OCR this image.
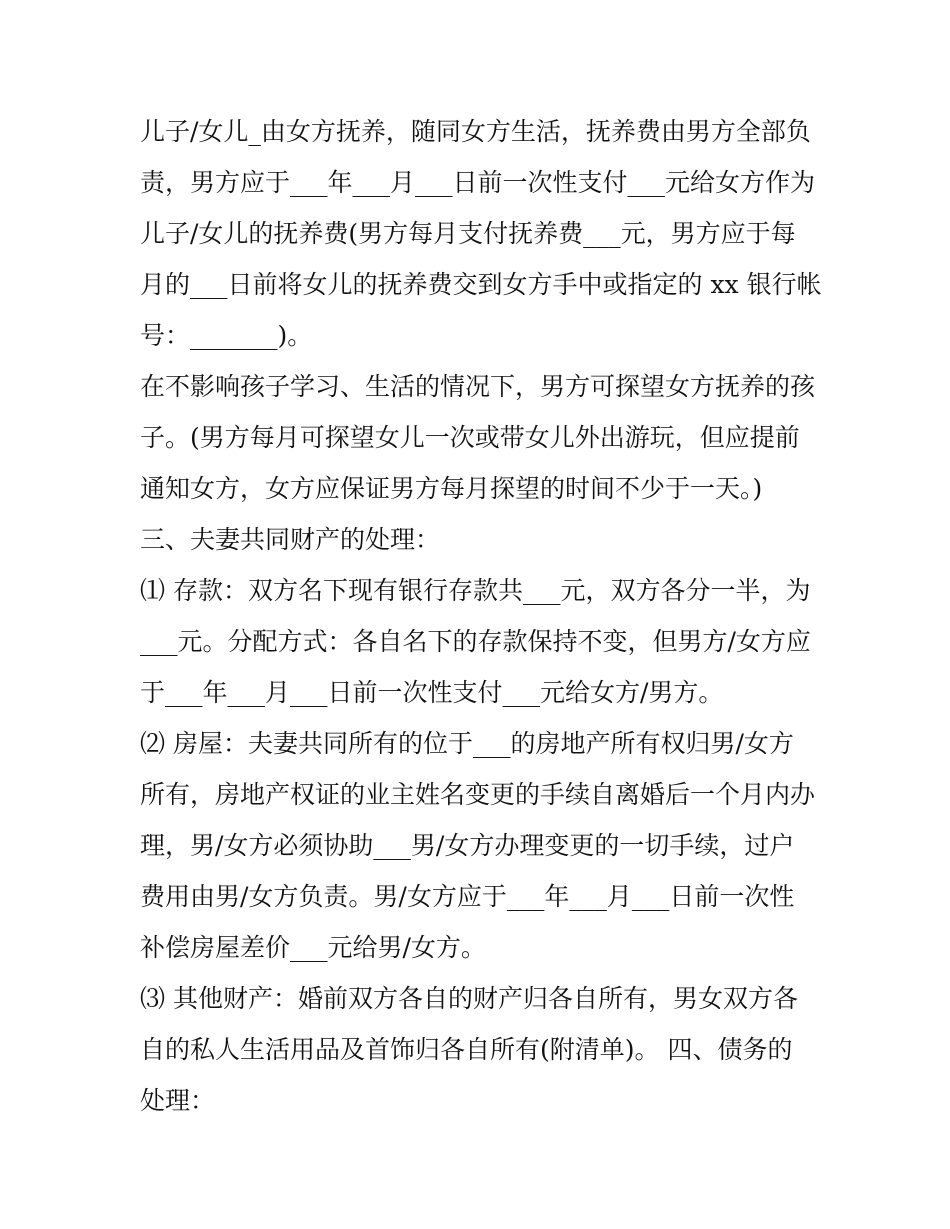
儿子/女儿_由女方抚养，随同女方生活，抚养费由男方全部负
责，男方应于___年___月___日前一次性支付___元给女方作为
儿子/女儿的抚养费(男方每月支付抚养费___元，男方应于每
月的___日前将女儿的抚养费交到女方手中或指定的 xx 银行帐
号：_______)。
在不影响孩子学习、生活的情况下，男方可探望女方抚养的孩
子。(男方每月可探望女儿一次或带女儿外出游玩，但应提前
通知女方，女方应保证男方每月探望的时间不少于一天。)
三、夫妻共同财产的处理：
⑴ 存款：双方名下现有银行存款共___元，双方各分一半，为
___元。分配方式：各自名下的存款保持不变，但男方/女方应
于___年___月___日前一次性支付___元给女方/男方。
⑵ 房屋：夫妻共同所有的位于___的房地产所有权归男/女方
所有，房地产权证的业主姓名变更的手续自离婚后一个月内办
理，男/女方必须协助___男/女方办理变更的一切手续，过户
费用由男/女方负责。男/女方应于___年___月___日前一次性
补偿房屋差价___元给男/女方。
⑶ 其他财产：婚前双方各自的财产归各自所有，男女双方各
自的私人生活用品及首饰归各自所有(附清单)。 四、债务的
处理：
